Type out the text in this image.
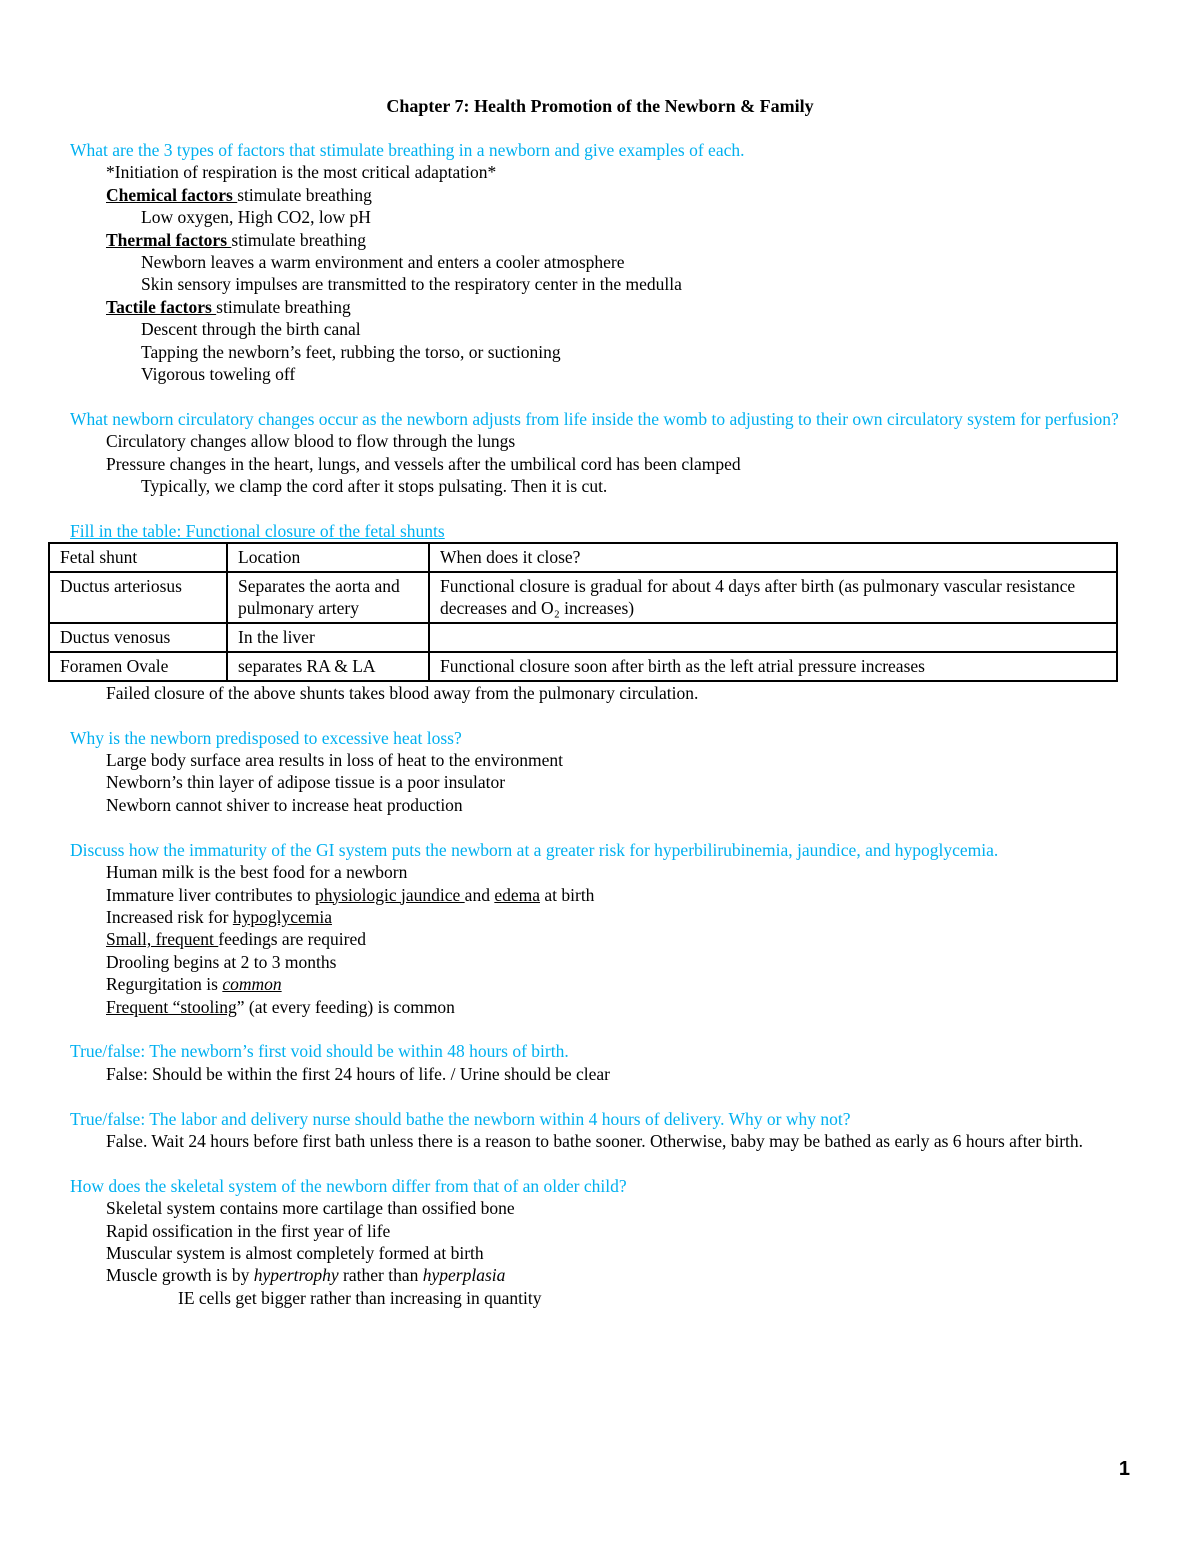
Chapter 7: Health Promotion of the Newborn & Family

What are the 3 types of factors that stimulate breathing in a newborn and give examples of each.

*Initiation of respiration is the most critical adaptation*

Chemical factors stimulate breathing

Low oxygen, High CO2, low pH

Thermal factors stimulate breathing

Newborn leaves a warm environment and enters a cooler atmosphere

Skin sensory impulses are transmitted to the respiratory center in the medulla

Tactile factors stimulate breathing

Descent through the birth canal

Tapping the newborn’s feet, rubbing the torso, or suctioning

Vigorous toweling off

What newborn circulatory changes occur as the newborn adjusts from life inside the womb to adjusting to their own circulatory system for perfusion?

Circulatory changes allow blood to flow through the lungs

Pressure changes in the heart, lungs, and vessels after the umbilical cord has been clamped

Typically, we clamp the cord after it stops pulsating. Then it is cut.

Fill in the table: Functional closure of the fetal shunts

Fetal shunt	Location	When does it close?
Ductus arteriosus	Separates the aorta and pulmonary artery	Functional closure is gradual for about 4 days after birth (as pulmonary vascular resistance decreases and O₂ increases)
Ductus venosus	In the liver	
Foramen Ovale	separates RA & LA	Functional closure soon after birth as the left atrial pressure increases

Failed closure of the above shunts takes blood away from the pulmonary circulation.

Why is the newborn predisposed to excessive heat loss?

Large body surface area results in loss of heat to the environment

Newborn’s thin layer of adipose tissue is a poor insulator

Newborn cannot shiver to increase heat production

Discuss how the immaturity of the GI system puts the newborn at a greater risk for hyperbilirubinemia, jaundice, and hypoglycemia.

Human milk is the best food for a newborn

Immature liver contributes to physiologic jaundice and edema at birth

Increased risk for hypoglycemia

Small, frequent feedings are required

Drooling begins at 2 to 3 months

Regurgitation is common

Frequent “stooling” (at every feeding) is common

True/false: The newborn’s first void should be within 48 hours of birth.

False: Should be within the first 24 hours of life. / Urine should be clear

True/false: The labor and delivery nurse should bathe the newborn within 4 hours of delivery. Why or why not?

False. Wait 24 hours before first bath unless there is a reason to bathe sooner. Otherwise, baby may be bathed as early as 6 hours after birth.

How does the skeletal system of the newborn differ from that of an older child?

Skeletal system contains more cartilage than ossified bone

Rapid ossification in the first year of life

Muscular system is almost completely formed at birth

Muscle growth is by hypertrophy rather than hyperplasia

IE cells get bigger rather than increasing in quantity

1
